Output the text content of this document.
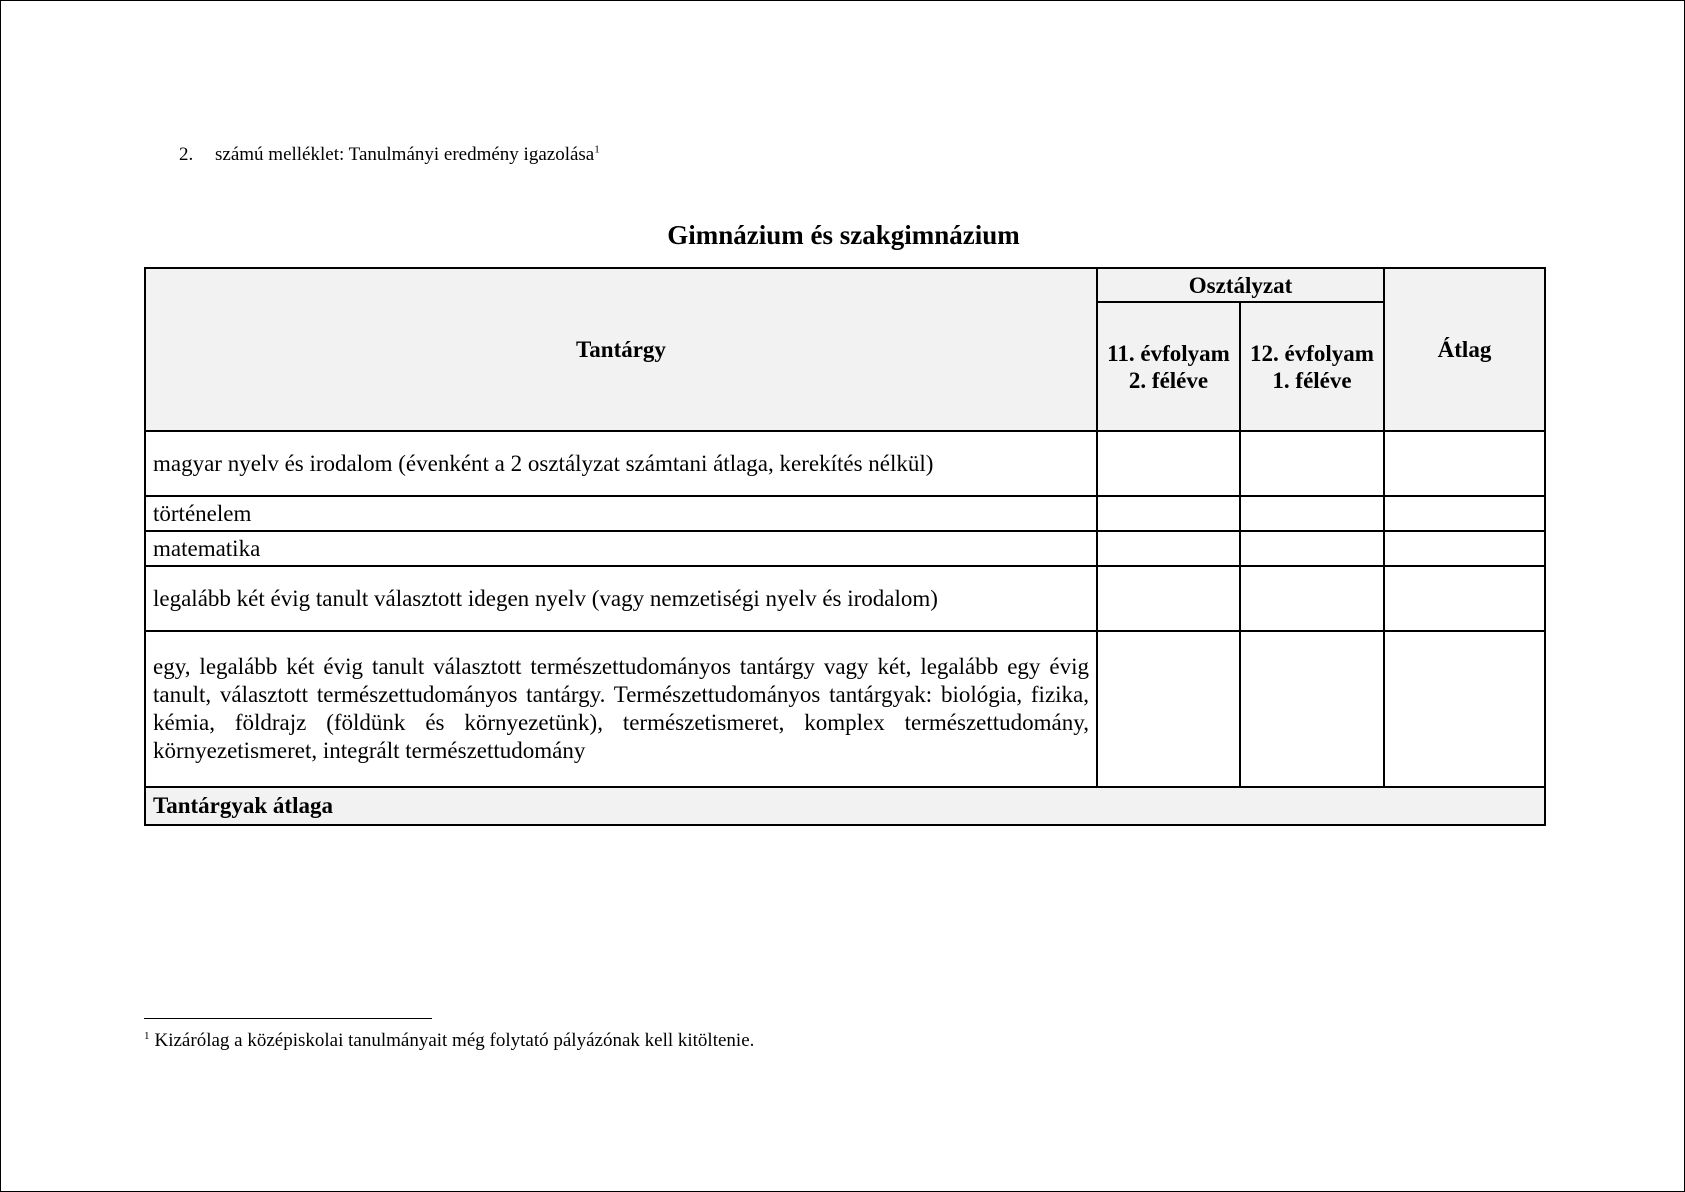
2. számú melléklet: Tanulmányi eredmény igazolása$^1$
Gimnázium és szakgimnázium
Tantárgy	Osztályzat		Átlag
	11. évfolyam 2. féléve	12. évfolyam 1. féléve	
magyar nyelv és irodalom (évenként a 2 osztályzat számtani átlaga, kerekítés nélkül)			
történelem			
matematika			
legalább két évig tanult választott idegen nyelv (vagy nemzetiségi nyelv és irodalom)			
egy, legalább két évig tanult választott természettudományos tantárgy vagy két, legalább egy évig tanult, választott természettudományos tantárgy. Természettudományos tantárgyak: biológia, fizika, kémia, földrajz (földünk és környezetünk), természetismeret, komplex természettudomány, környezetismeret, integrált természettudomány			
Tantárgyak átlaga			
$^1$ Kizárólag a középiskolai tanulmányait még folytató pályázónak kell kitöltenie.
